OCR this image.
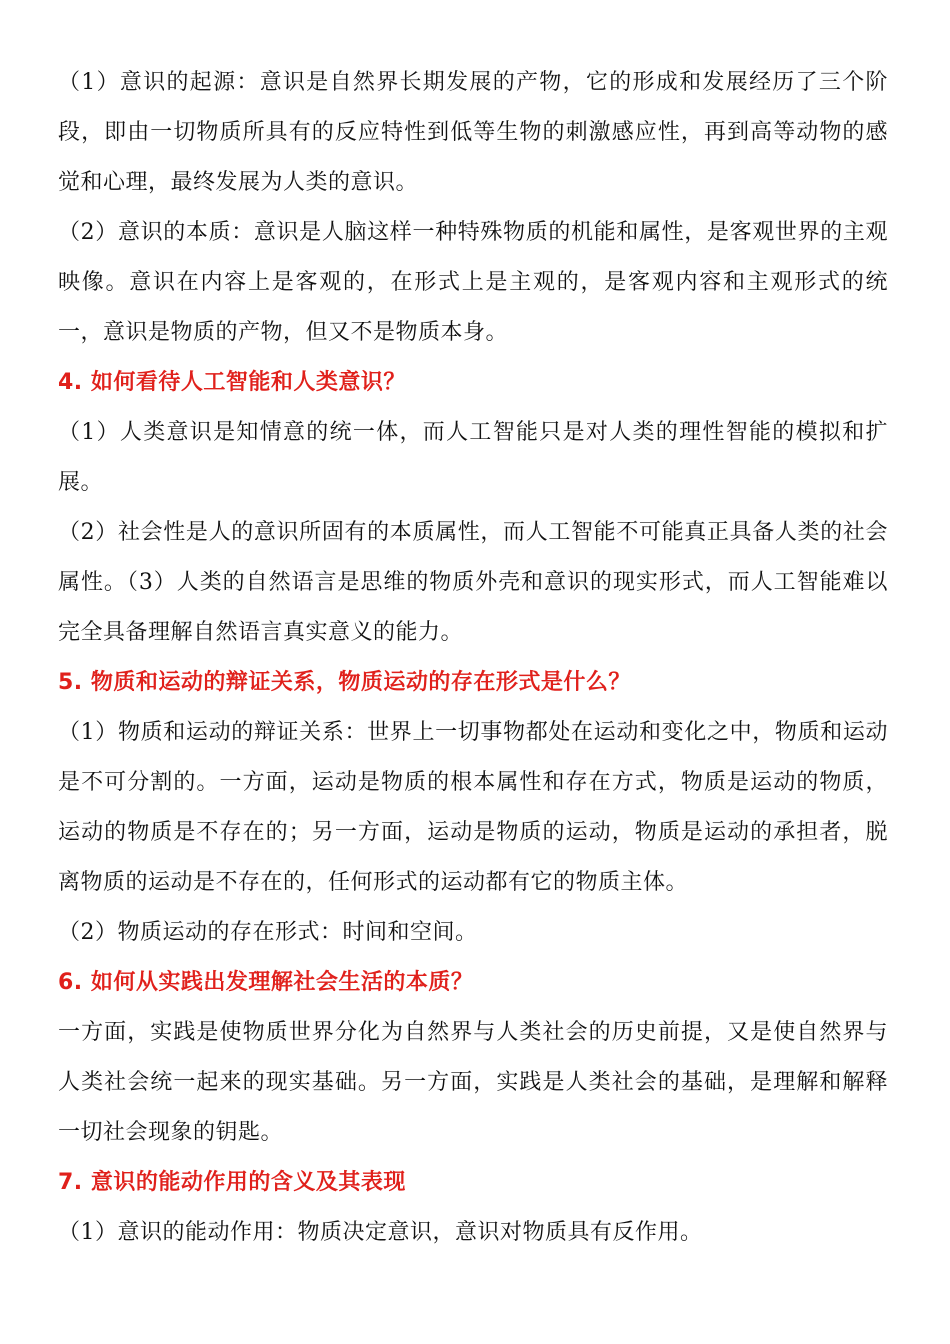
（1）意识的起源：意识是自然界长期发展的产物，它的形成和发展经历了三个阶段，即由一切物质所具有的反应特性到低等生物的刺激感应性，再到高等动物的感觉和心理，最终发展为人类的意识。

（2）意识的本质：意识是人脑这样一种特殊物质的机能和属性，是客观世界的主观映像。意识在内容上是客观的，在形式上是主观的，是客观内容和主观形式的统一，意识是物质的产物，但又不是物质本身。

4. 如何看待人工智能和人类意识？

（1）人类意识是知情意的统一体，而人工智能只是对人类的理性智能的模拟和扩展。

（2）社会性是人的意识所固有的本质属性，而人工智能不可能真正具备人类的社会属性。（3）人类的自然语言是思维的物质外壳和意识的现实形式，而人工智能难以完全具备理解自然语言真实意义的能力。

5. 物质和运动的辩证关系，物质运动的存在形式是什么？

（1）物质和运动的辩证关系：世界上一切事物都处在运动和变化之中，物质和运动是不可分割的。一方面，运动是物质的根本属性和存在方式，物质是运动的物质，运动的物质是不存在的；另一方面，运动是物质的运动，物质是运动的承担者，脱离物质的运动是不存在的，任何形式的运动都有它的物质主体。

（2）物质运动的存在形式：时间和空间。

6. 如何从实践出发理解社会生活的本质？

一方面，实践是使物质世界分化为自然界与人类社会的历史前提，又是使自然界与人类社会统一起来的现实基础。另一方面，实践是人类社会的基础，是理解和解释一切社会现象的钥匙。

7. 意识的能动作用的含义及其表现

（1）意识的能动作用：物质决定意识，意识对物质具有反作用。
